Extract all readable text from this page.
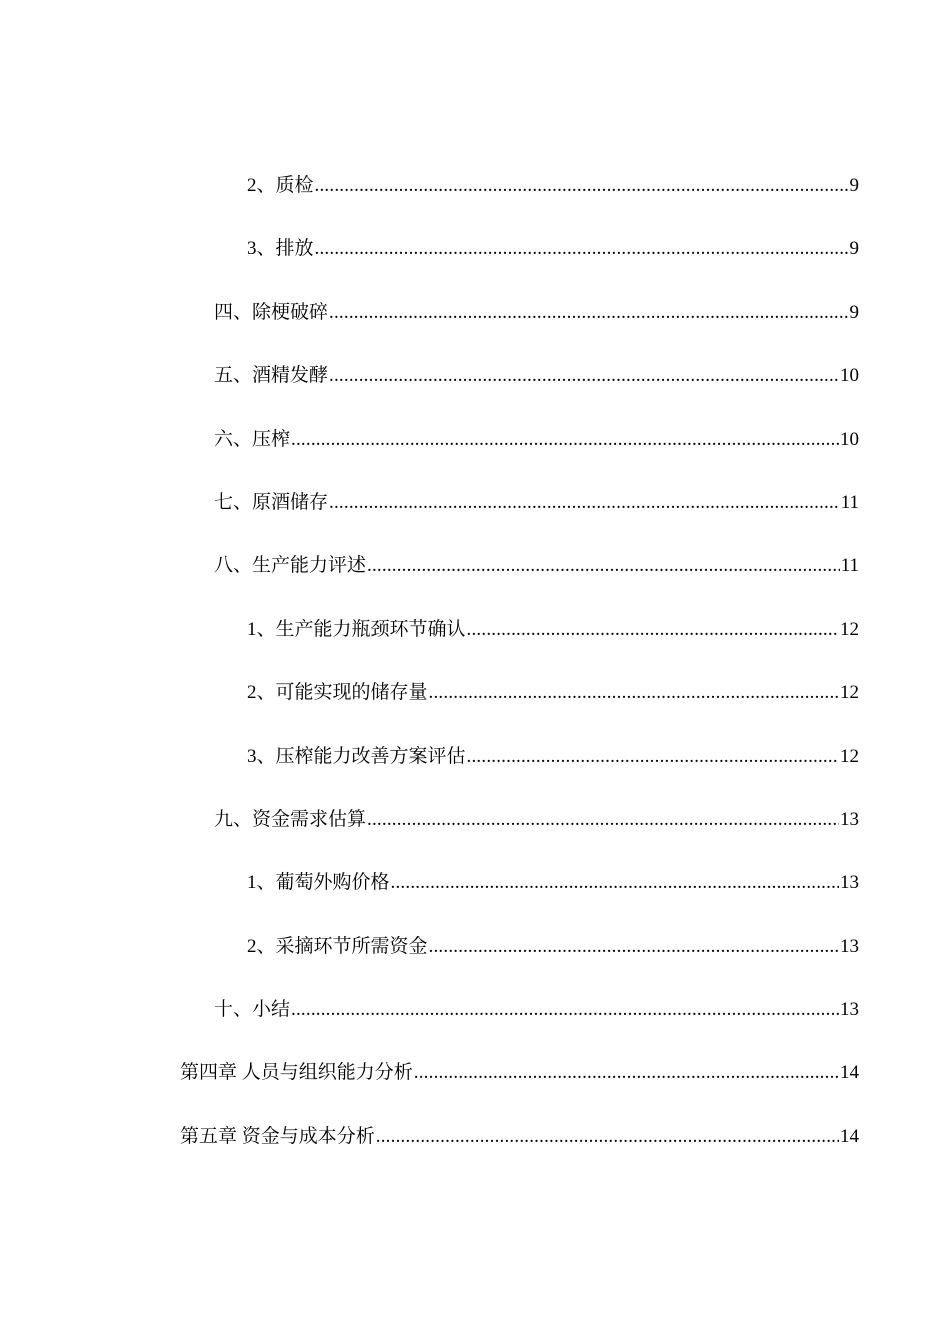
2、质检 .....	9
3、排放 .....	9
四、除梗破碎 .....	9
五、酒精发酵 .....	10
六、压榨 .....	10
七、原酒储存 .....	11
八、生产能力评述 .....	11
1、生产能力瓶颈环节确认 .....	12
2、可能实现的储存量 .....	12
3、压榨能力改善方案评估 .....	12
九、资金需求估算 .....	13
1、葡萄外购价格 .....	13
2、采摘环节所需资金 .....	13
十、小结 .....	13
第四章 人员与组织能力分析 .....	14
第五章 资金与成本分析 .....	14
